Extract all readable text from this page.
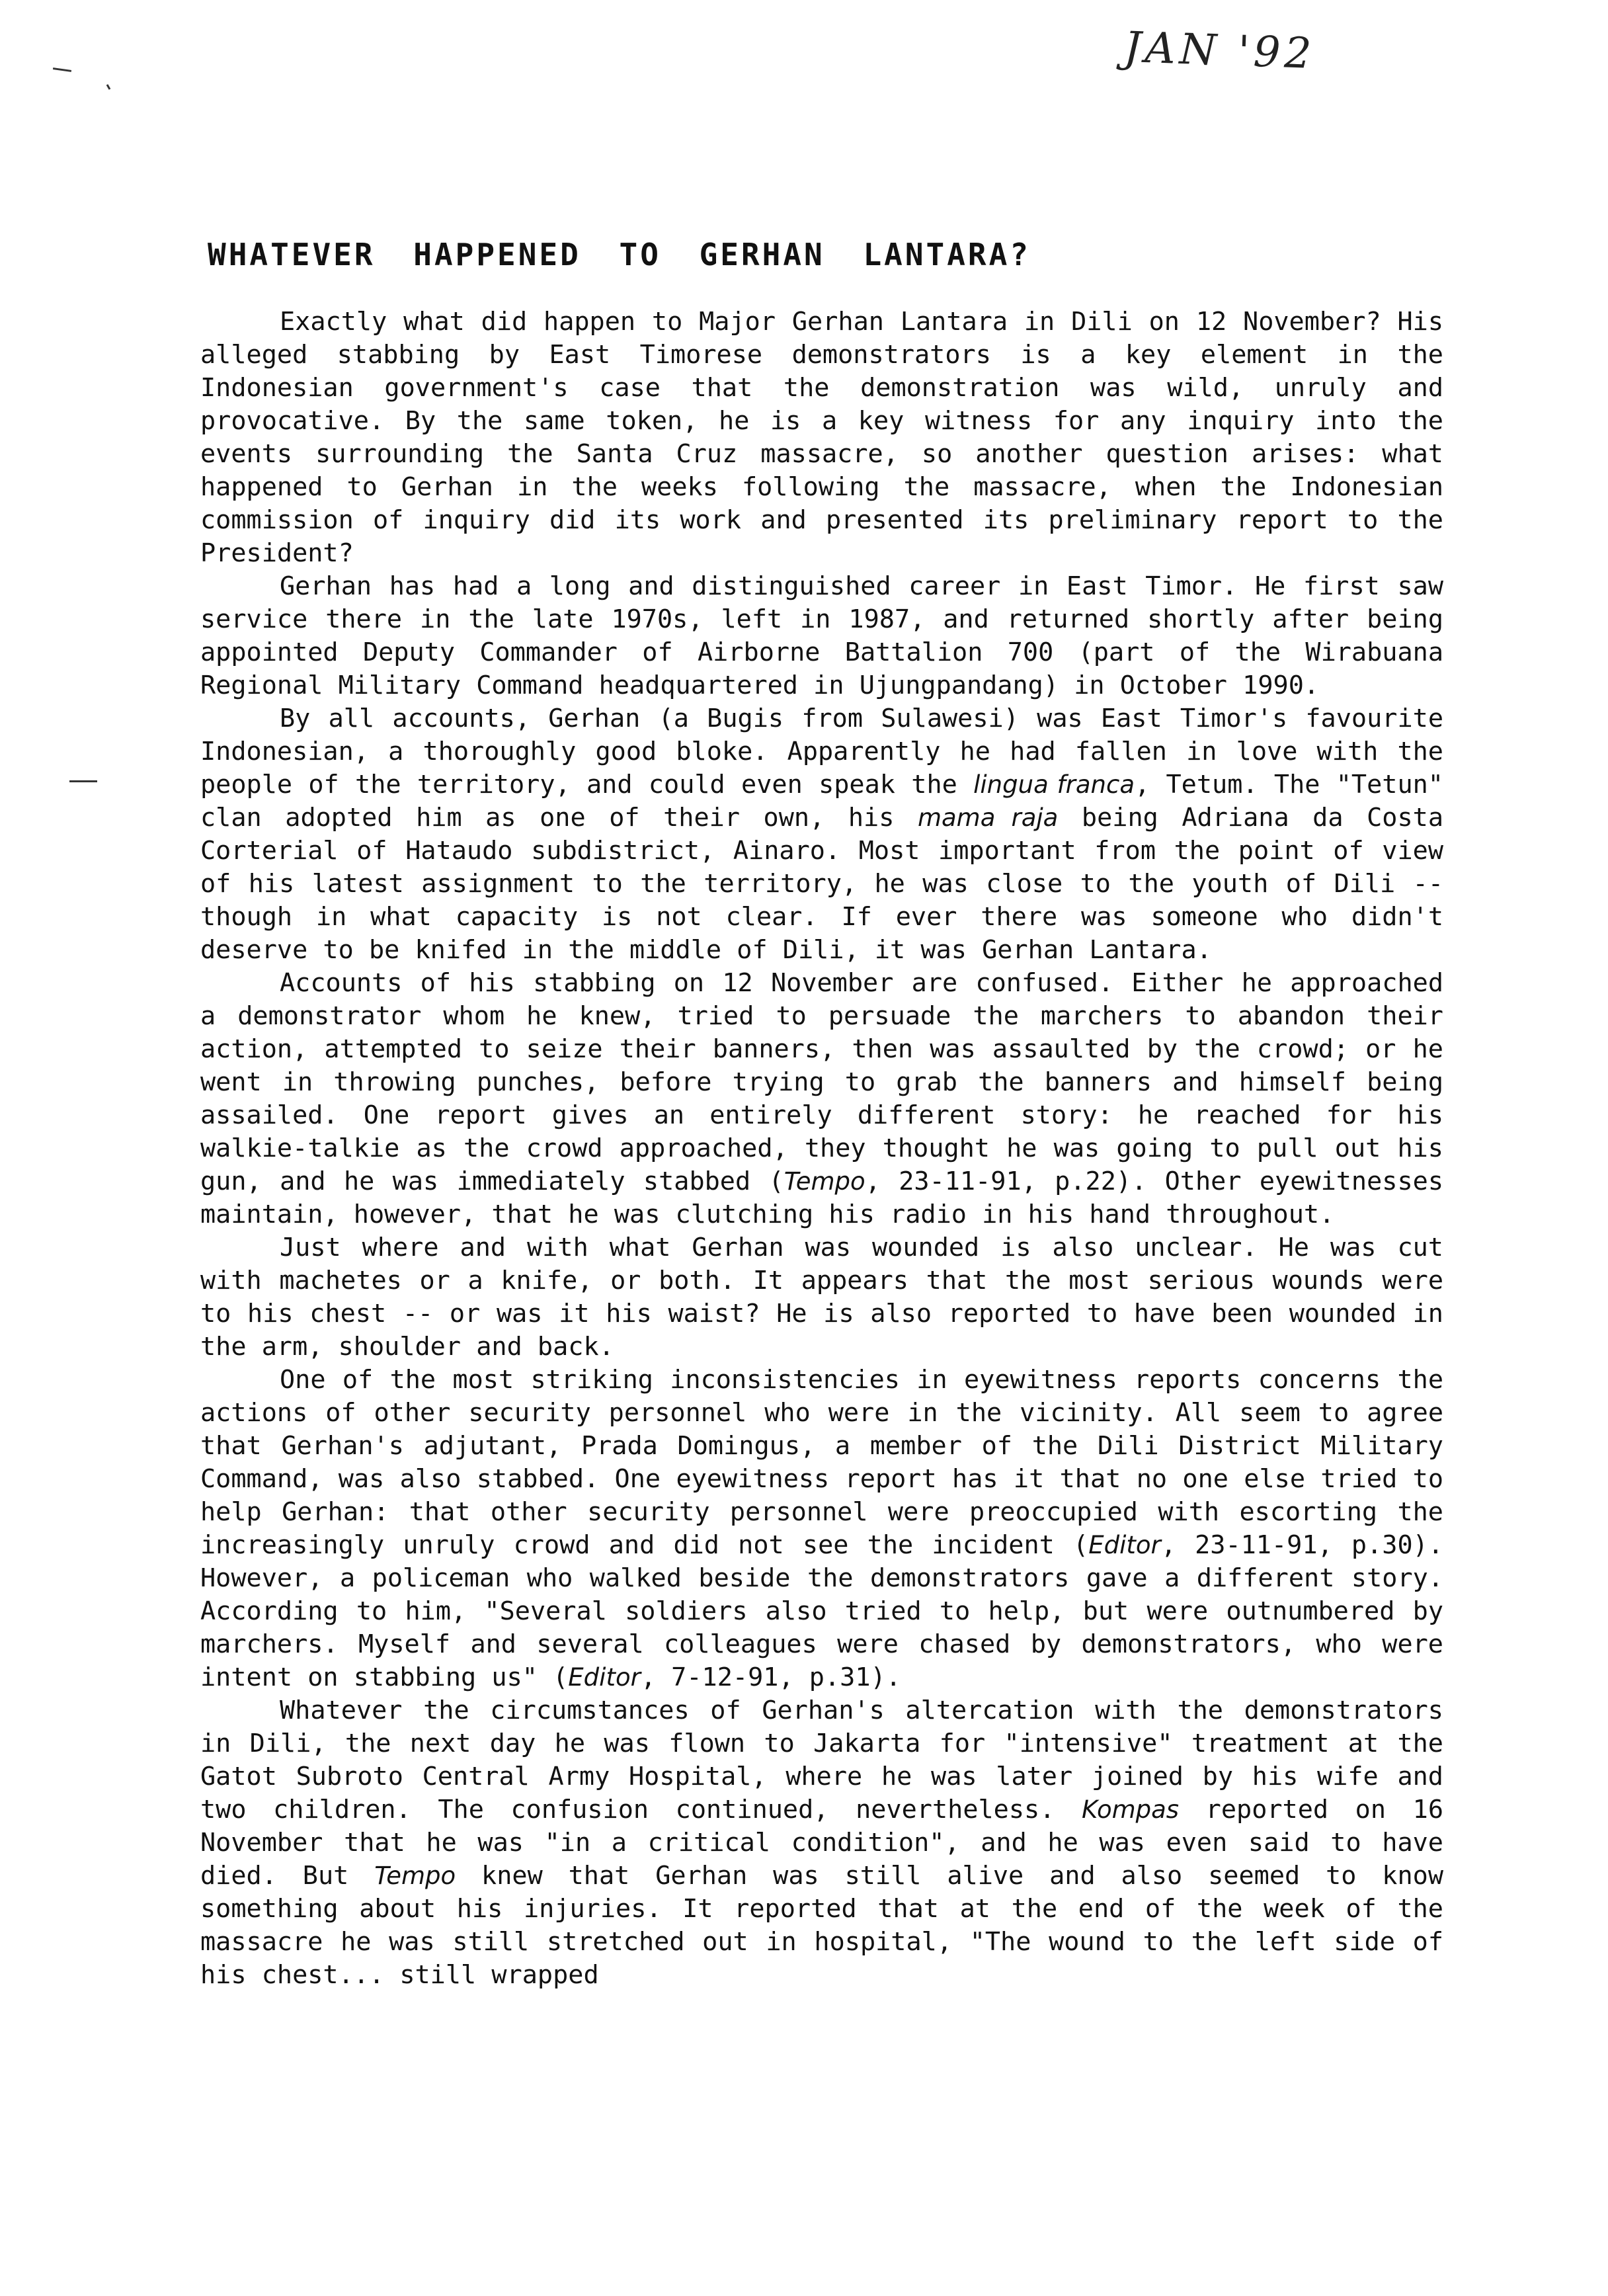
JAN '92
WHATEVER HAPPENED TO GERHAN LANTARA?

Exactly what did happen to Major Gerhan Lantara in Dili on 12 November? His alleged stabbing by East Timorese demonstrators is a key element in the Indonesian government's case that the demonstration was wild, unruly and provocative. By the same token, he is a key witness for any inquiry into the events surrounding the Santa Cruz massacre, so another question arises: what happened to Gerhan in the weeks following the massacre, when the Indonesian commission of inquiry did its work and presented its preliminary report to the President?

Gerhan has had a long and distinguished career in East Timor. He first saw service there in the late 1970s, left in 1987, and returned shortly after being appointed Deputy Commander of Airborne Battalion 700 (part of the Wirabuana Regional Military Command headquartered in Ujungpandang) in October 1990.

By all accounts, Gerhan (a Bugis from Sulawesi) was East Timor's favourite Indonesian, a thoroughly good bloke. Apparently he had fallen in love with the people of the territory, and could even speak the lingua franca, Tetum. The "Tetun" clan adopted him as one of their own, his mama raja being Adriana da Costa Corterial of Hataudo subdistrict, Ainaro. Most important from the point of view of his latest assignment to the territory, he was close to the youth of Dili -- though in what capacity is not clear. If ever there was someone who didn't deserve to be knifed in the middle of Dili, it was Gerhan Lantara.

Accounts of his stabbing on 12 November are confused. Either he approached a demonstrator whom he knew, tried to persuade the marchers to abandon their action, attempted to seize their banners, then was assaulted by the crowd; or he went in throwing punches, before trying to grab the banners and himself being assailed. One report gives an entirely different story: he reached for his walkie-talkie as the crowd approached, they thought he was going to pull out his gun, and he was immediately stabbed (Tempo, 23-11-91, p.22). Other eyewitnesses maintain, however, that he was clutching his radio in his hand throughout.

Just where and with what Gerhan was wounded is also unclear. He was cut with machetes or a knife, or both. It appears that the most serious wounds were to his chest -- or was it his waist? He is also reported to have been wounded in the arm, shoulder and back.

One of the most striking inconsistencies in eyewitness reports concerns the actions of other security personnel who were in the vicinity. All seem to agree that Gerhan's adjutant, Prada Domingus, a member of the Dili District Military Command, was also stabbed. One eyewitness report has it that no one else tried to help Gerhan: that other security personnel were preoccupied with escorting the increasingly unruly crowd and did not see the incident (Editor, 23-11-91, p.30). However, a policeman who walked beside the demonstrators gave a different story. According to him, "Several soldiers also tried to help, but were outnumbered by marchers. Myself and several colleagues were chased by demonstrators, who were intent on stabbing us" (Editor, 7-12-91, p.31).

Whatever the circumstances of Gerhan's altercation with the demonstrators in Dili, the next day he was flown to Jakarta for "intensive" treatment at the Gatot Subroto Central Army Hospital, where he was later joined by his wife and two children. The confusion continued, nevertheless. Kompas reported on 16 November that he was "in a critical condition", and he was even said to have died. But Tempo knew that Gerhan was still alive and also seemed to know something about his injuries. It reported that at the end of the week of the massacre he was still stretched out in hospital, "The wound to the left side of his chest... still wrapped
